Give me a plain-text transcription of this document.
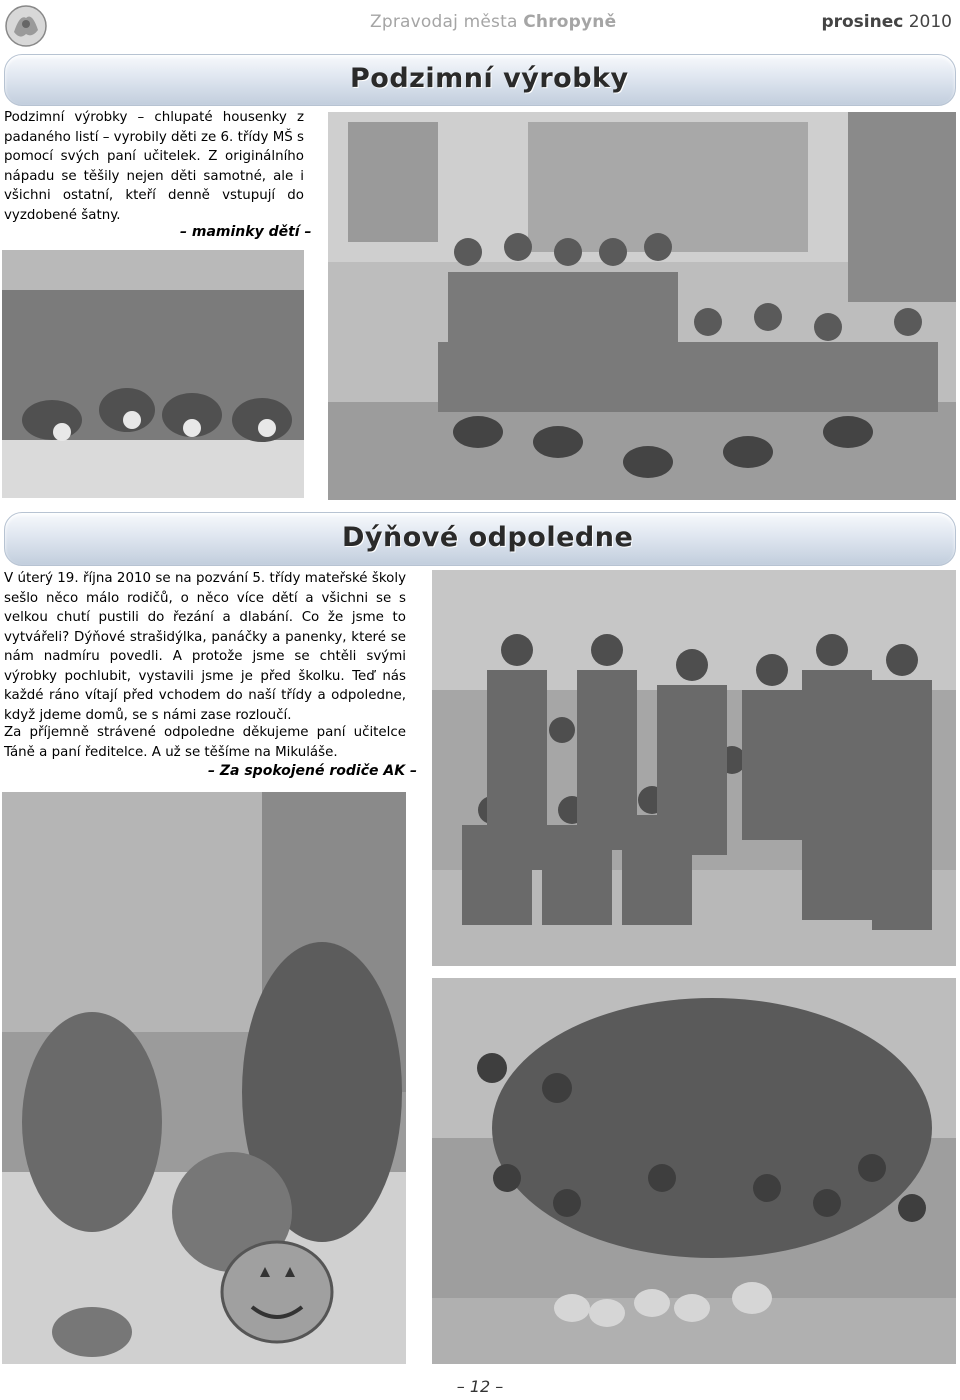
Zpravodaj města Chropyně	prosinec 2010
Podzimní výrobky
Podzimní výrobky – chlupaté housenky z padaného listí – vyrobily děti ze 6. třídy MŠ s pomocí svých paní učitelek. Z originálního nápadu se těšily nejen děti samotné, ale i všichni ostatní, kteří denně vstupují do vyzdobené šatny.
– maminky dětí –
Dýňové odpoledne
V úterý 19. října 2010 se na pozvání 5. třídy mateřské školy sešlo něco málo rodičů, o něco více dětí a všichni se s velkou chutí pustili do řezání a dlabání. Co že jsme to vytvářeli? Dýňové strašidýlka, panáčky a panenky, které se nám nadmíru povedli. A protože jsme se chtěli svými výrobky pochlubit, vystavili jsme je před školku. Teď nás každé ráno vítají před vchodem do naší třídy a odpoledne, když jdeme domů, se s námi zase rozloučí.
Za příjemně strávené odpoledne děkujeme paní učitelce Táně a paní ředitelce. A už se těšíme na Mikuláše.
– Za spokojené rodiče AK –
– 12 –
